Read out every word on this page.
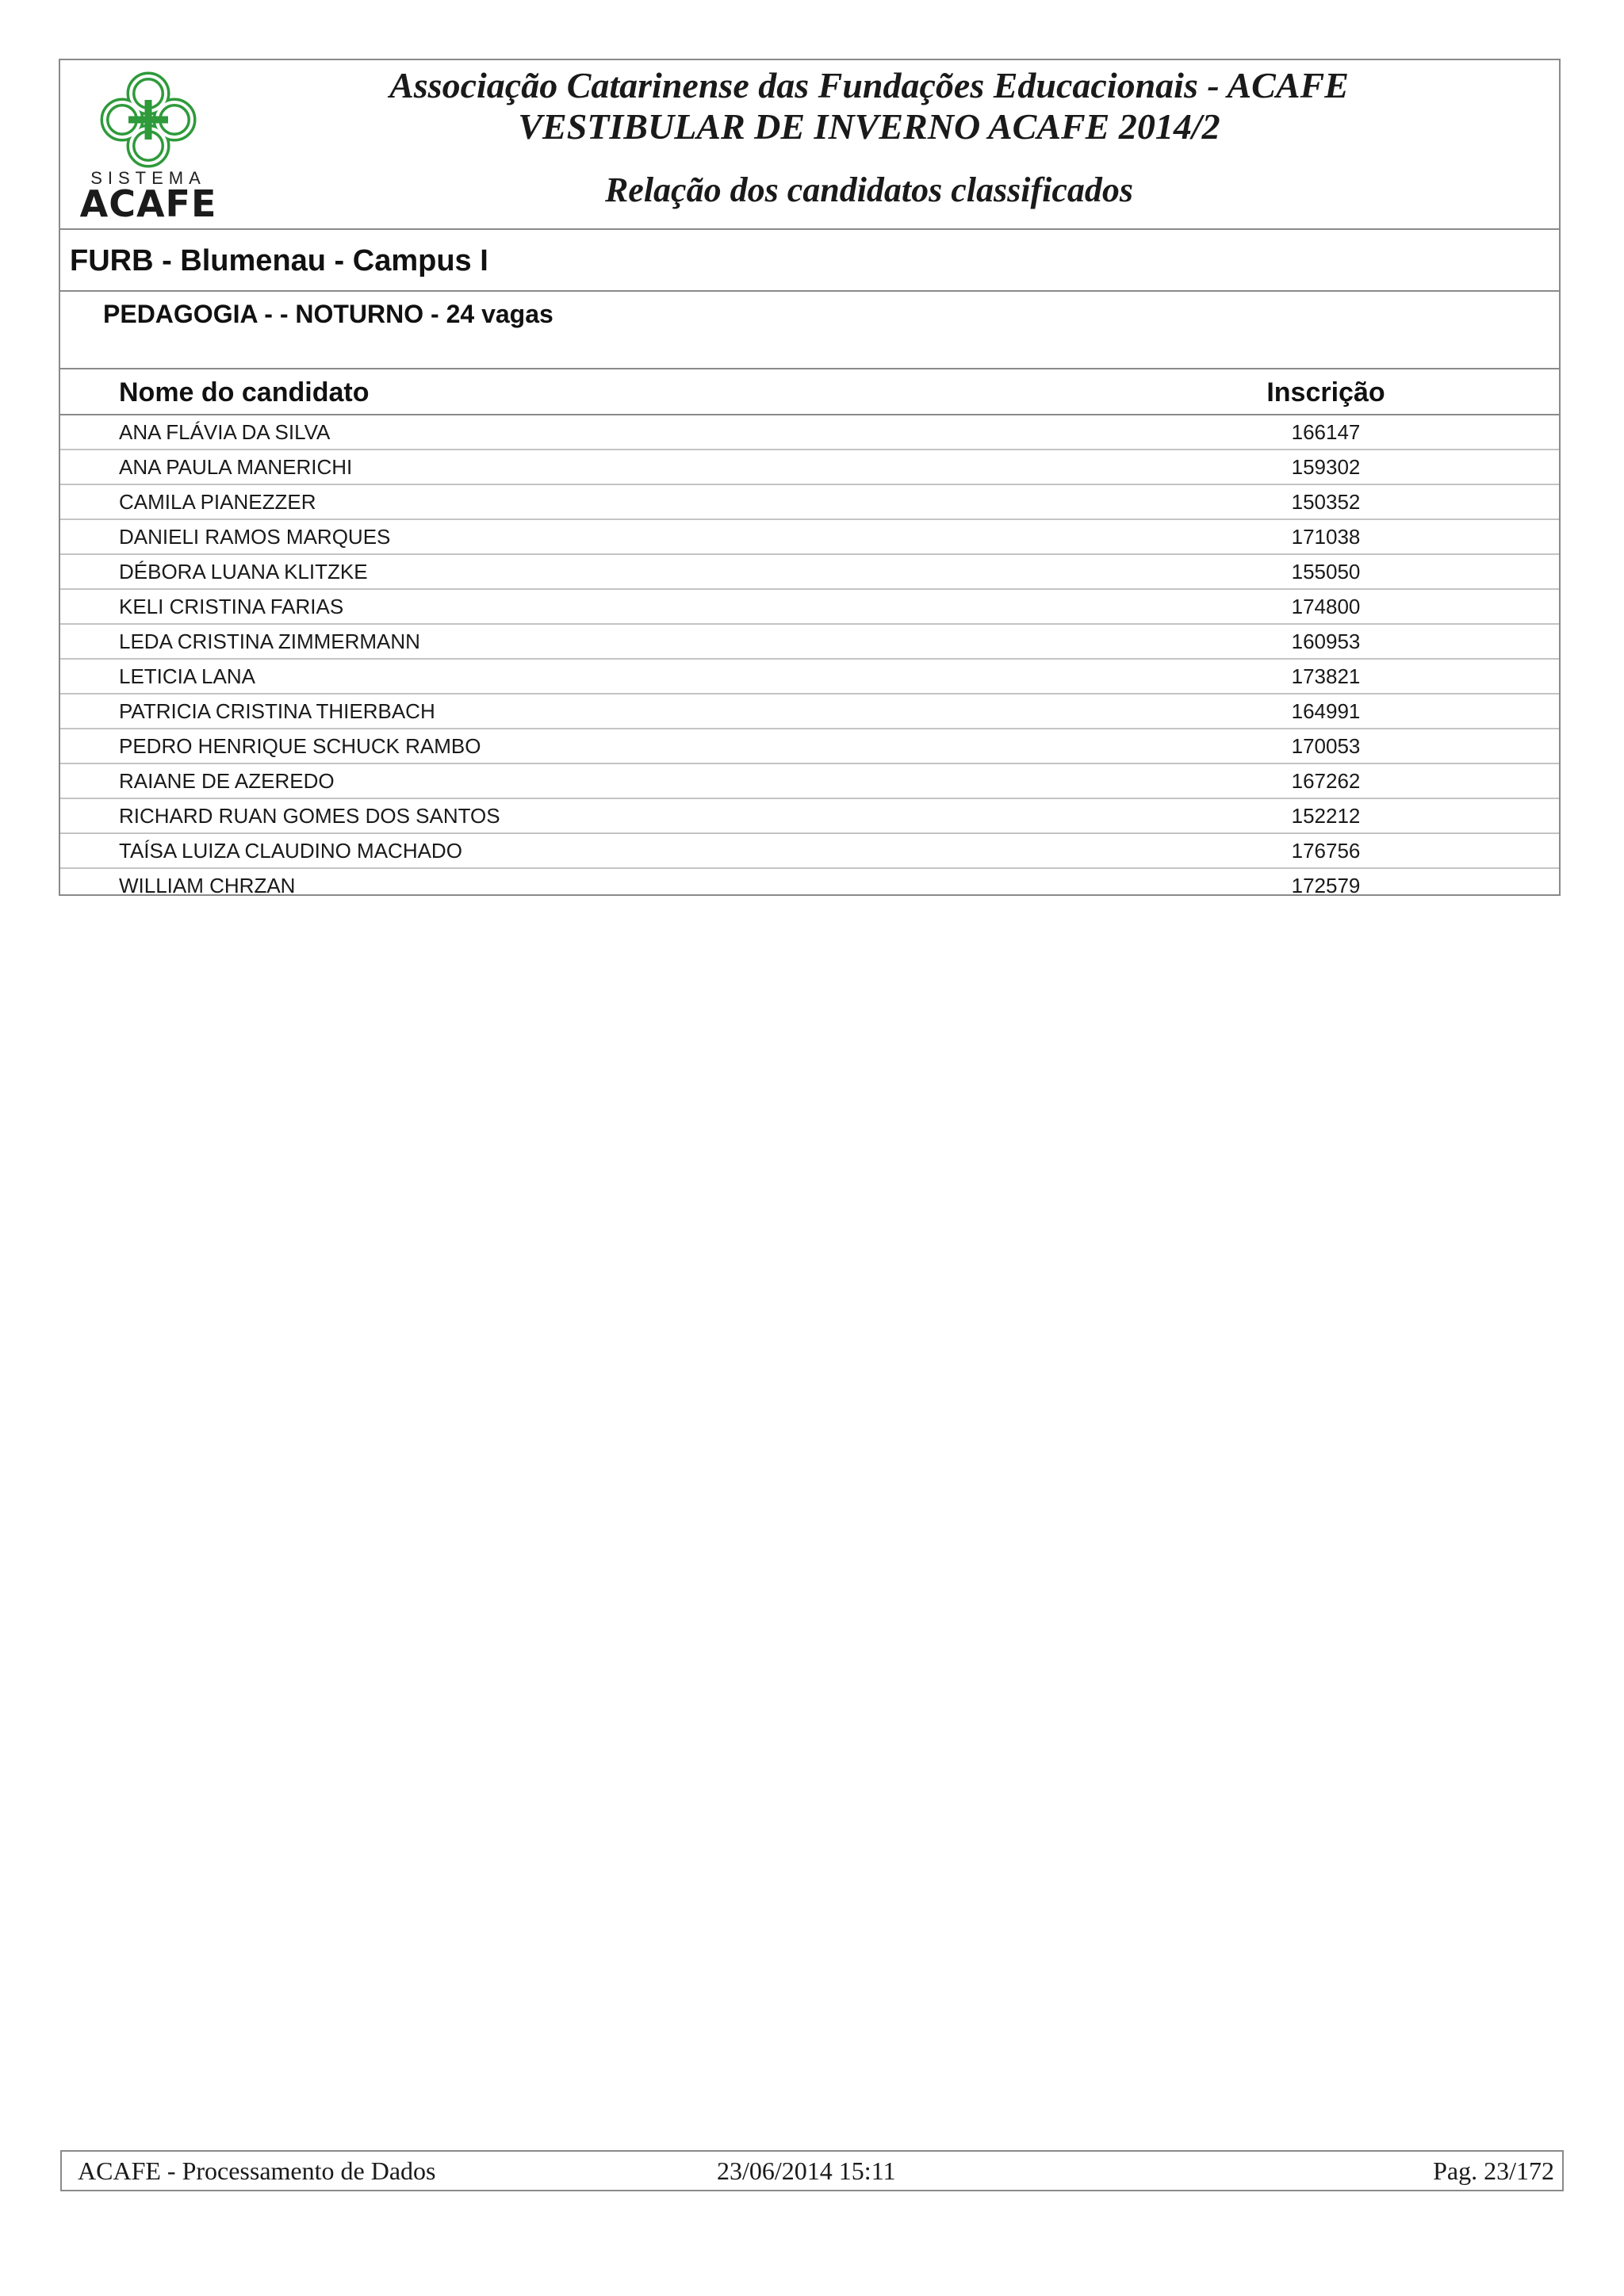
SISTEMA
ACAFE
Associação Catarinense das Fundações Educacionais - ACAFE
VESTIBULAR DE INVERNO ACAFE 2014/2
Relação dos candidatos classificados
FURB - Blumenau - Campus I
PEDAGOGIA - - NOTURNO - 24 vagas
Nome do candidato	Inscrição
ANA FLÁVIA DA SILVA	166147
ANA PAULA MANERICHI	159302
CAMILA PIANEZZER	150352
DANIELI RAMOS MARQUES	171038
DÉBORA LUANA KLITZKE	155050
KELI CRISTINA FARIAS	174800
LEDA CRISTINA ZIMMERMANN	160953
LETICIA LANA	173821
PATRICIA CRISTINA THIERBACH	164991
PEDRO HENRIQUE SCHUCK RAMBO	170053
RAIANE DE AZEREDO	167262
RICHARD RUAN GOMES DOS SANTOS	152212
TAÍSA LUIZA CLAUDINO MACHADO	176756
WILLIAM CHRZAN	172579
ACAFE - Processamento de Dados	23/06/2014 15:11	Pag. 23/172
